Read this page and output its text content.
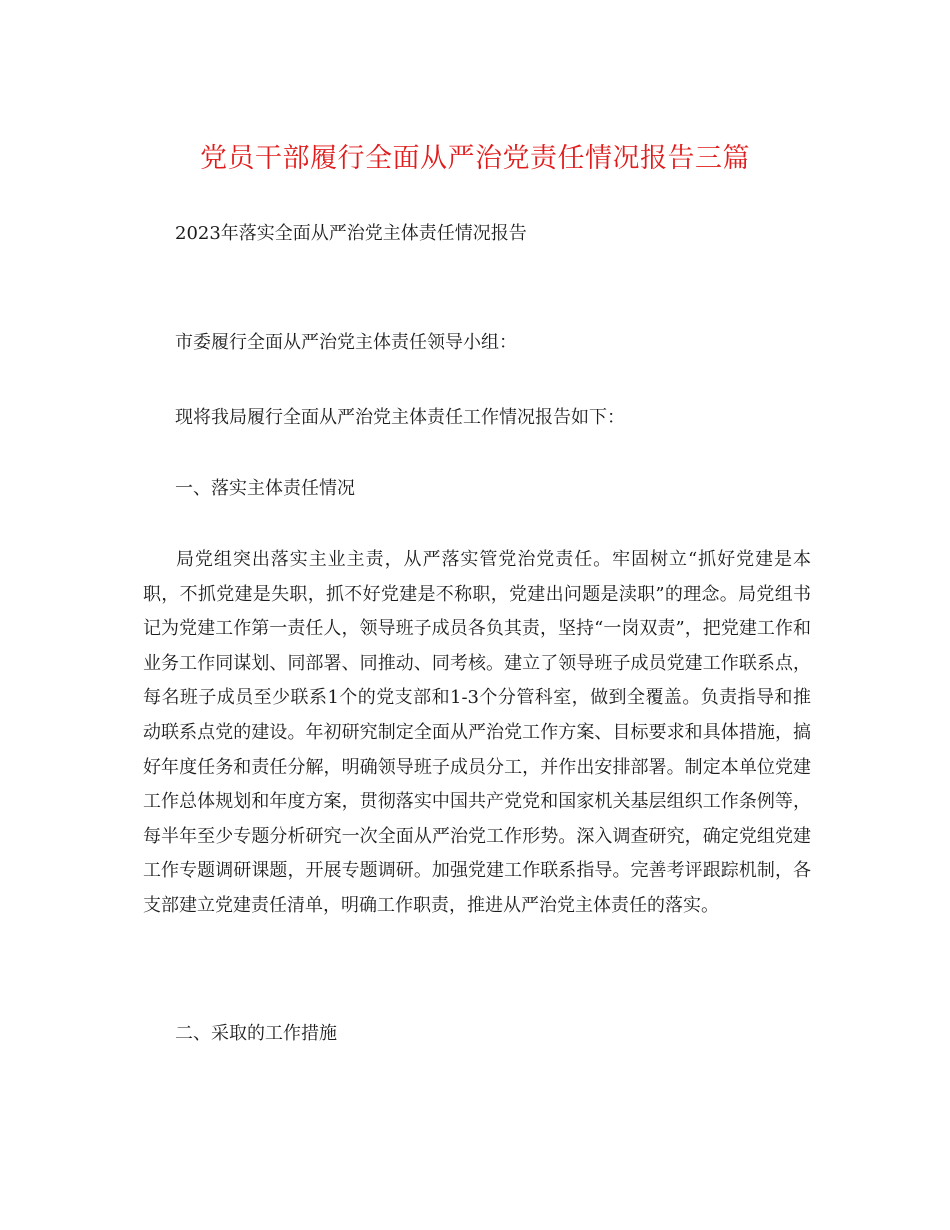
党员干部履行全面从严治党责任情况报告三篇
2023年落实全面从严治党主体责任情况报告
市委履行全面从严治党主体责任领导小组：
现将我局履行全面从严治党主体责任工作情况报告如下：
一、落实主体责任情况
局党组突出落实主业主责，从严落实管党治党责任。牢固树立“抓好党建是本职，不抓党建是失职，抓不好党建是不称职，党建出问题是渎职”的理念。局党组书记为党建工作第一责任人，领导班子成员各负其责，坚持“一岗双责”，把党建工作和业务工作同谋划、同部署、同推动、同考核。建立了领导班子成员党建工作联系点，每名班子成员至少联系1个的党支部和1-3个分管科室，做到全覆盖。负责指导和推动联系点党的建设。年初研究制定全面从严治党工作方案、目标要求和具体措施，搞好年度任务和责任分解，明确领导班子成员分工，并作出安排部署。制定本单位党建工作总体规划和年度方案，贯彻落实中国共产党党和国家机关基层组织工作条例等，每半年至少专题分析研究一次全面从严治党工作形势。深入调查研究，确定党组党建工作专题调研课题，开展专题调研。加强党建工作联系指导。完善考评跟踪机制，各支部建立党建责任清单，明确工作职责，推进从严治党主体责任的落实。
二、采取的工作措施
